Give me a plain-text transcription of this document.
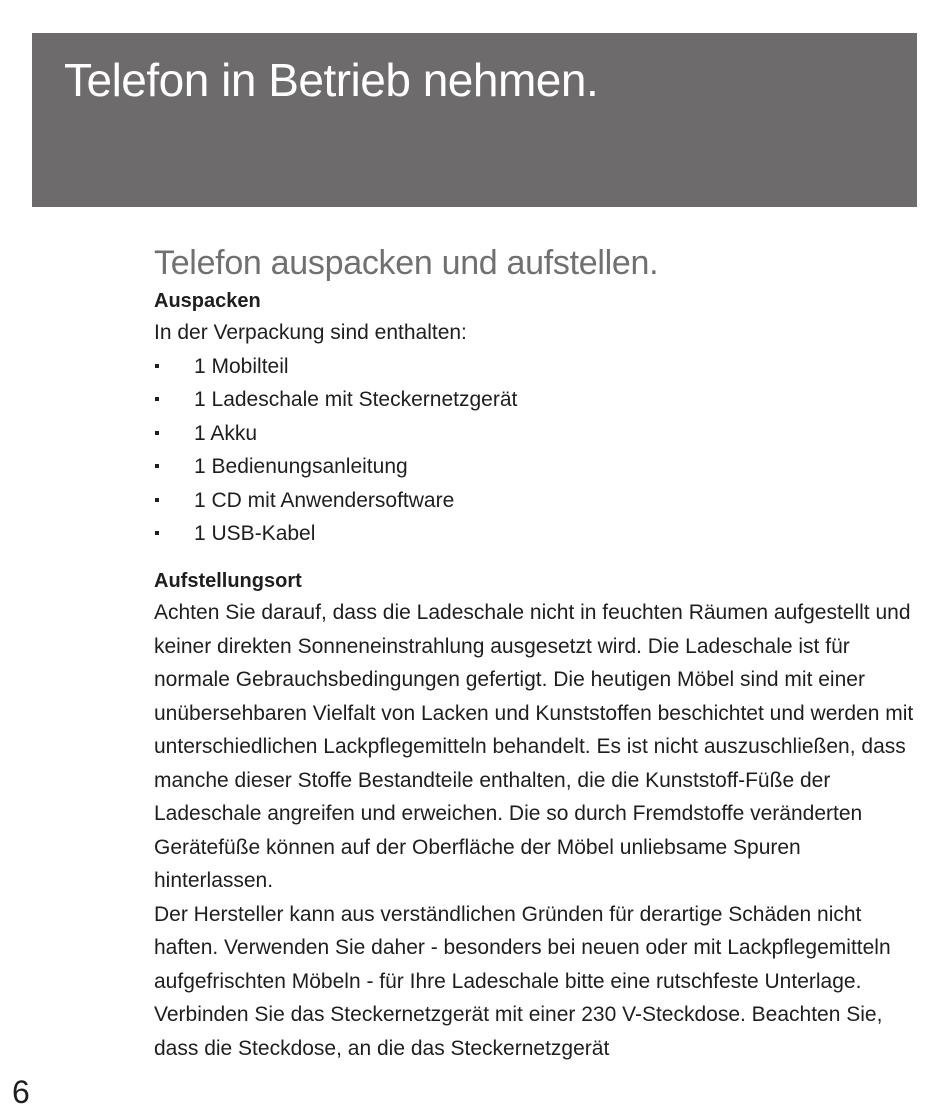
Telefon in Betrieb nehmen.
Telefon auspacken und aufstellen.
Auspacken

In der Verpackung sind enthalten:

1 Mobilteil
1 Ladeschale mit Steckernetzgerät
1 Akku
1 Bedienungsanleitung
1 CD mit Anwendersoftware
1 USB-Kabel
Aufstellungsort

Achten Sie darauf, dass die Ladeschale nicht in feuchten Räumen aufgestellt und keiner direkten Sonneneinstrahlung ausgesetzt wird. Die Ladeschale ist für normale Gebrauchsbedingungen gefertigt. Die heutigen Möbel sind mit einer unübersehbaren Vielfalt von Lacken und Kunststoffen beschichtet und werden mit unterschiedlichen Lackpflegemitteln behandelt. Es ist nicht auszuschließen, dass manche dieser Stoffe Bestandteile enthalten, die die Kunststoff-Füße der Ladeschale angreifen und erweichen. Die so durch Fremdstoffe veränderten Gerätefüße können auf der Oberfläche der Möbel unliebsame Spuren hinterlassen.

Der Hersteller kann aus verständlichen Gründen für derartige Schäden nicht haften. Verwenden Sie daher - besonders bei neuen oder mit Lackpflegemitteln aufgefrischten Möbeln - für Ihre Ladeschale bitte eine rutschfeste Unterlage. Verbinden Sie das Steckernetzgerät mit einer 230 V-Steckdose. Beachten Sie, dass die Steckdose, an die das Steckernetzgerät

6
